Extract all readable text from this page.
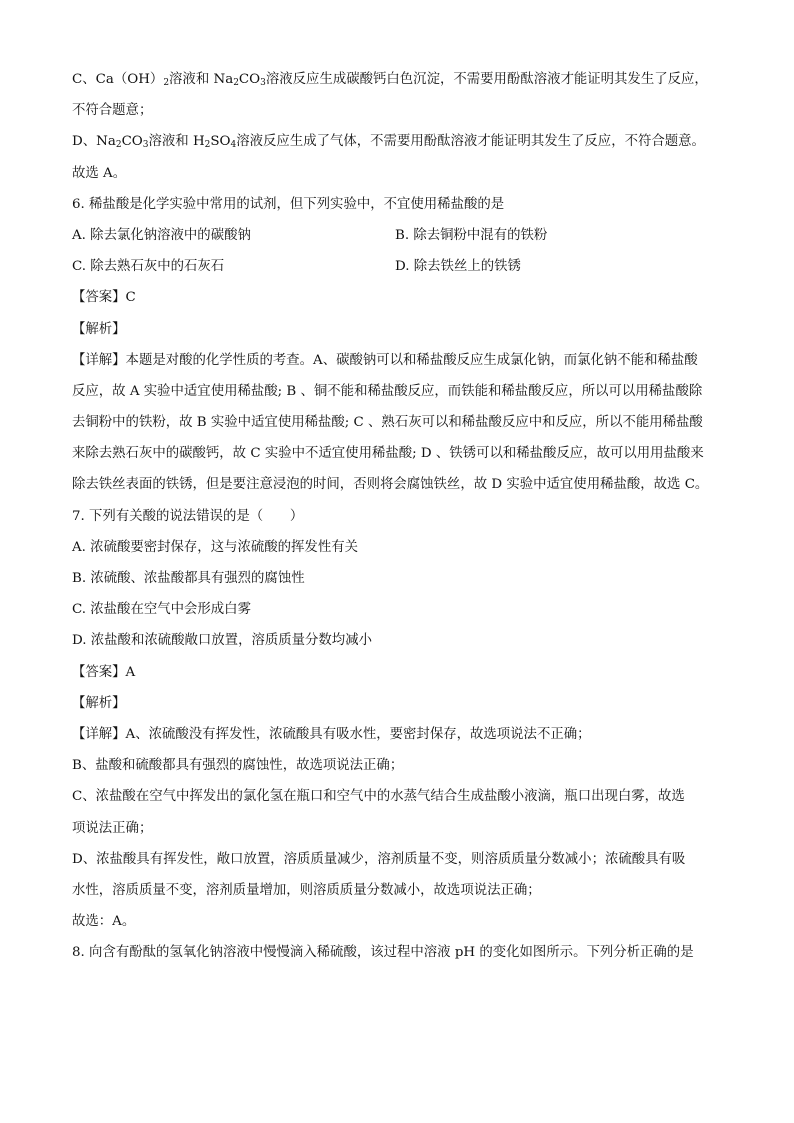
C、$Ca(OH)_2$溶液和 $Na_2CO_3$溶液反应生成碳酸钙白色沉淀，不需要用酚酞溶液才能证明其发生了反应，
不符合题意；
D、$Na_2CO_3$溶液和 $H_2SO_4$溶液反应生成了气体，不需要用酚酞溶液才能证明其发生了反应，不符合题意。
故选 A。
6. 稀盐酸是化学实验中常用的试剂，但下列实验中，不宜使用稀盐酸的是
A. 除去氯化钠溶液中的碳酸钠	B. 除去铜粉中混有的铁粉
C. 除去熟石灰中的石灰石	D. 除去铁丝上的铁锈
【答案】C
【解析】
【详解】本题是对酸的化学性质的考查。A、碳酸钠可以和稀盐酸反应生成氯化钠，而氯化钠不能和稀盐酸
反应，故 A 实验中适宜使用稀盐酸; B 、铜不能和稀盐酸反应，而铁能和稀盐酸反应，所以可以用稀盐酸除
去铜粉中的铁粉，故 B 实验中适宜使用稀盐酸; C 、熟石灰可以和稀盐酸反应中和反应，所以不能用稀盐酸
来除去熟石灰中的碳酸钙，故 C 实验中不适宜使用稀盐酸; D 、铁锈可以和稀盐酸反应，故可以用用盐酸来
除去铁丝表面的铁锈，但是要注意浸泡的时间，否则将会腐蚀铁丝，故 D 实验中适宜使用稀盐酸，故选 C。
7. 下列有关酸的说法错误的是（　　）
A. 浓硫酸要密封保存，这与浓硫酸的挥发性有关
B. 浓硫酸、浓盐酸都具有强烈的腐蚀性
C. 浓盐酸在空气中会形成白雾
D. 浓盐酸和浓硫酸敞口放置，溶质质量分数均减小
【答案】A
【解析】
【详解】A、浓硫酸没有挥发性，浓硫酸具有吸水性，要密封保存，故选项说法不正确；
B、盐酸和硫酸都具有强烈的腐蚀性，故选项说法正确；
C、浓盐酸在空气中挥发出的氯化氢在瓶口和空气中的水蒸气结合生成盐酸小液滴，瓶口出现白雾，故选
项说法正确；
D、浓盐酸具有挥发性，敞口放置，溶质质量减少，溶剂质量不变，则溶质质量分数减小；浓硫酸具有吸
水性，溶质质量不变，溶剂质量增加，则溶质质量分数减小，故选项说法正确；
故选：A。
8. 向含有酚酞的氢氧化钠溶液中慢慢滴入稀硫酸，该过程中溶液 pH 的变化如图所示。下列分析正确的是
